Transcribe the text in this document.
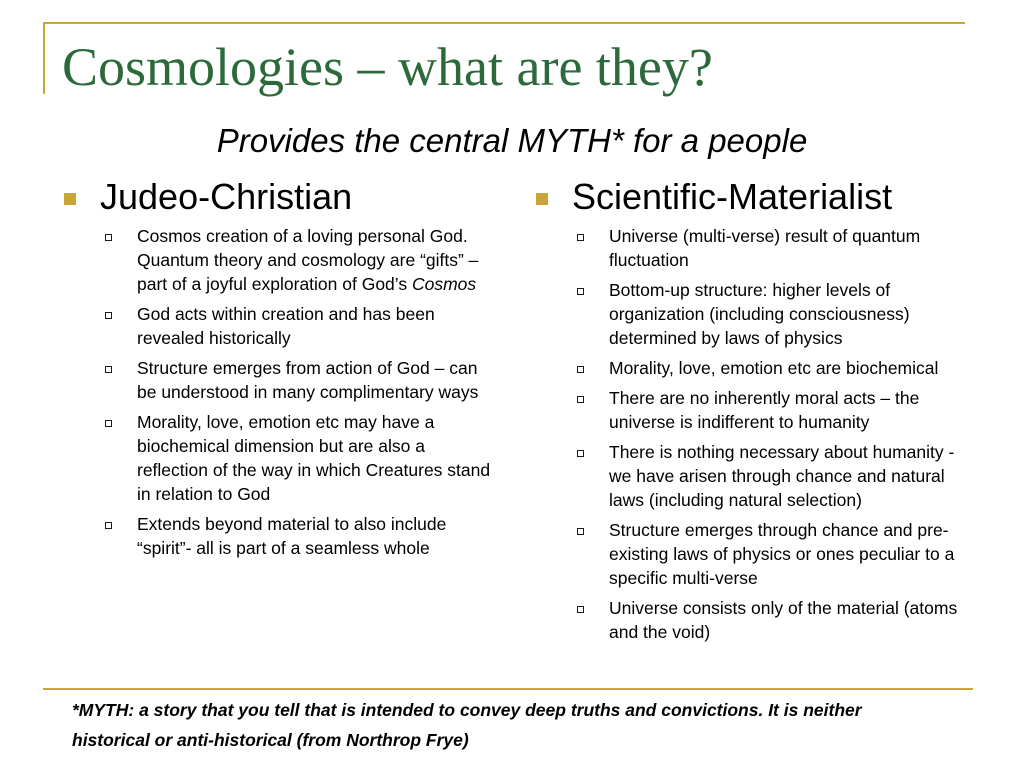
Cosmologies – what are they?
Provides the central MYTH* for a people
Judeo-Christian
Cosmos creation of a loving personal God. Quantum theory and cosmology are “gifts” – part of a joyful exploration of God’s Cosmos
God acts within creation and has been revealed historically
Structure emerges from action of God – can be understood in many complimentary ways
Morality, love, emotion etc may have a biochemical dimension but are also a reflection of the way in which Creatures stand in relation to God
Extends beyond material to also include “spirit”- all is part of a seamless whole
Scientific-Materialist
Universe (multi-verse) result of quantum fluctuation
Bottom-up structure: higher levels of organization (including consciousness) determined by laws of physics
Morality, love, emotion etc are biochemical
There are no inherently moral acts – the universe is indifferent to humanity
There is nothing necessary about humanity - we have arisen through chance and natural laws (including natural selection)
Structure emerges through chance and pre-existing laws of physics or ones peculiar to a specific multi-verse
Universe consists only of the material (atoms and the void)
*MYTH: a story that you tell that is intended to convey deep truths and convictions. It is neither historical or anti-historical (from Northrop Frye)
